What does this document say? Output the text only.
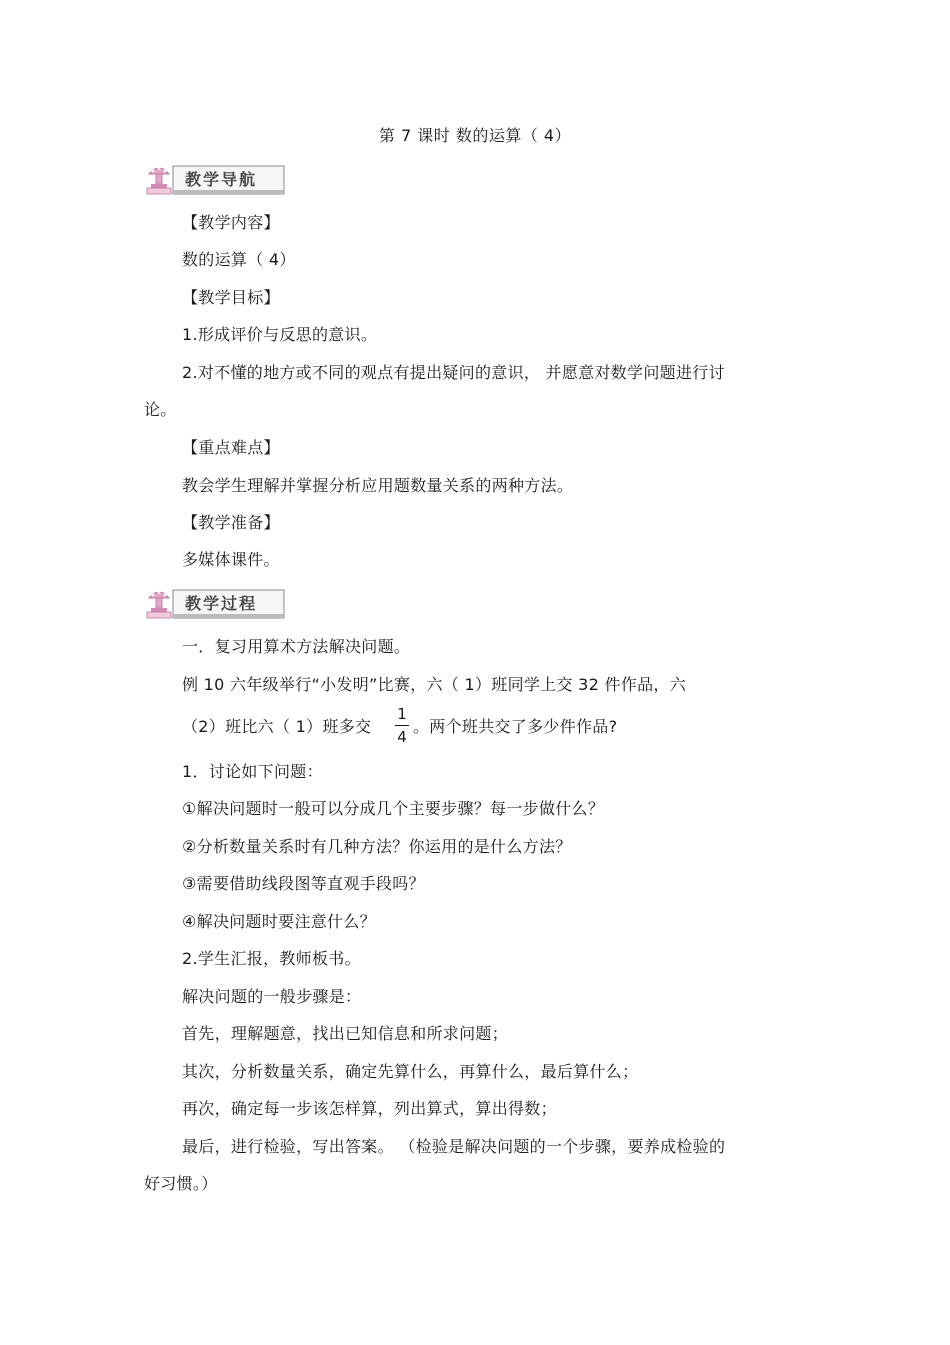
第 7 课时 数的运算（ 4）
教学导航
【教学内容】
数的运算（ 4）
【教学目标】
1.形成评价与反思的意识。
2.对不懂的地方或不同的观点有提出疑问的意识， 并愿意对数学问题进行讨
论。
【重点难点】
教会学生理解并掌握分析应用题数量关系的两种方法。
【教学准备】
多媒体课件。
教学过程
一．复习用算术方法解决问题。
例 10 六年级举行“小发明”比赛，六（ 1）班同学上交 32 件作品，六
（2）班比六（ 1）班多交
1
4
。两个班共交了多少件作品?
1．讨论如下问题：
①解决问题时一般可以分成几个主要步骤？每一步做什么？
②分析数量关系时有几种方法？你运用的是什么方法？
③需要借助线段图等直观手段吗？
④解决问题时要注意什么？
2.学生汇报，教师板书。
解决问题的一般步骤是：
首先，理解题意，找出已知信息和所求问题；
其次，分析数量关系，确定先算什么，再算什么，最后算什么；
再次，确定每一步该怎样算，列出算式，算出得数；
最后，进行检验，写出答案。 （检验是解决问题的一个步骤，要养成检验的
好习惯。）
